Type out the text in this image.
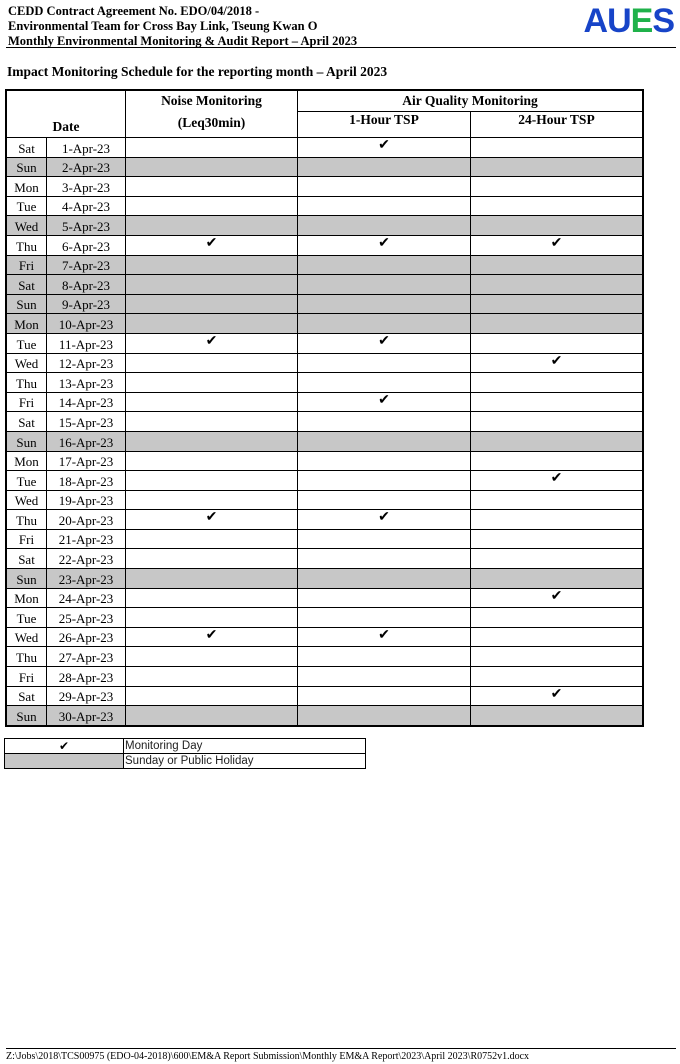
CEDD Contract Agreement No. EDO/04/2018 -
Environmental Team for Cross Bay Link, Tseung Kwan O
Monthly Environmental Monitoring & Audit Report – April 2023
AUES
Impact Monitoring Schedule for the reporting month – April 2023
Date		Noise Monitoring
(Leq30min)	Air Quality Monitoring	
			1-Hour TSP	24-Hour TSP
Sat	1-Apr-23		✔	
Sun	2-Apr-23			
Mon	3-Apr-23			
Tue	4-Apr-23			
Wed	5-Apr-23			
Thu	6-Apr-23	✔	✔	✔
Fri	7-Apr-23			
Sat	8-Apr-23			
Sun	9-Apr-23			
Mon	10-Apr-23			
Tue	11-Apr-23	✔	✔	
Wed	12-Apr-23			✔
Thu	13-Apr-23			
Fri	14-Apr-23		✔	
Sat	15-Apr-23			
Sun	16-Apr-23			
Mon	17-Apr-23			
Tue	18-Apr-23			✔
Wed	19-Apr-23			
Thu	20-Apr-23	✔	✔	
Fri	21-Apr-23			
Sat	22-Apr-23			
Sun	23-Apr-23			
Mon	24-Apr-23			✔
Tue	25-Apr-23			
Wed	26-Apr-23	✔	✔	
Thu	27-Apr-23			
Fri	28-Apr-23			
Sat	29-Apr-23			✔
Sun	30-Apr-23			
✔	Monitoring Day
	Sunday or Public Holiday
Z:\Jobs\2018\TCS00975 (EDO-04-2018)\600\EM&A Report Submission\Monthly EM&A Report\2023\April 2023\R0752v1.docx
